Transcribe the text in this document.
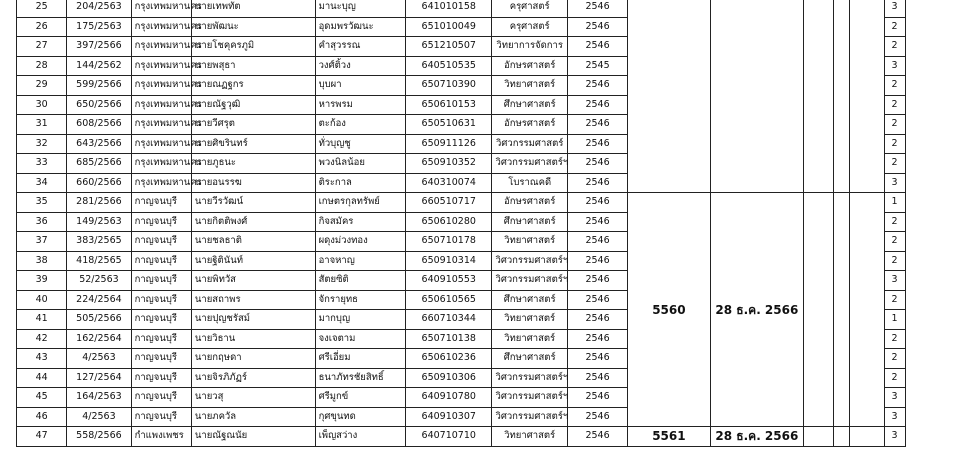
25	204/2563	กรุงเทพมหานคร	นายเทพทัต	มานะบุญ	641010158	ครุศาสตร์	2546						3
26	175/2563	กรุงเทพมหานคร	นายพัฒนะ	อุดมพรวัฒนะ	651010049	ครุศาสตร์	2546						2
27	397/2566	กรุงเทพมหานคร	นายโชคุครภูมิ	คำสุวรรณ	651210507	วิทยาการจัดการ	2546						2
28	144/2562	กรุงเทพมหานคร	นายพสุธา	วงศ์ติ้วง	640510535	อักษรศาสตร์	2545						3
29	599/2566	กรุงเทพมหานคร	นายณฏฐกร	บุบผา	650710390	วิทยาศาสตร์	2546						2
30	650/2566	กรุงเทพมหานคร	นายณัฐวุฒิ	หารพรม	650610153	ศึกษาศาสตร์	2546						2
31	608/2566	กรุงเทพมหานคร	นายวีศรุต	ตะก้อง	650510631	อักษรศาสตร์	2546						2
32	643/2566	กรุงเทพมหานคร	นายศิขรินทร์	ทั่วบุญชู	650911126	วิศวกรรมศาสตร์	2546						2
33	685/2566	กรุงเทพมหานคร	นายภูธนะ	พวงนิลน้อย	650910352	วิศวกรรมศาสตร์ฯ	2546						2
34	660/2566	กรุงเทพมหานคร	นายอนรรฆ	ติระกาล	640310074	โบราณคดี	2546						3
35	281/2566	กาญจนบุรี	นายวีรวัฒน์	เกษตรกุลทรัพย์	660510717	อักษรศาสตร์	2546	5560	28 ธ.ค. 2566				1
36	149/2563	กาญจนบุรี	นายกิตติพงศ์	กิจสมัคร	650610280	ศึกษาศาสตร์	2546						2
37	383/2565	กาญจนบุรี	นายชลธาติ	ผดุงม่วงทอง	650710178	วิทยาศาสตร์	2546						2
38	418/2565	กาญจนบุรี	นายฐิตินันท์	อาจหาญ	650910314	วิศวกรรมศาสตร์ฯ	2546						2
39	52/2563	กาญจนบุรี	นายพิทวัส	สัตยซิติ	640910553	วิศวกรรมศาสตร์ฯ	2546						3
40	224/2564	กาญจนบุรี	นายสถาพร	จักรายุทธ	650610565	ศึกษาศาสตร์	2546						2
41	505/2566	กาญจนบุรี	นายปุญชรัสม์	มากบุญ	660710344	วิทยาศาสตร์	2546						1
42	162/2564	กาญจนบุรี	นายวิธาน	จงเจตาม	650710138	วิทยาศาสตร์	2546						2
43	4/2563	กาญจนบุรี	นายกฤษดา	ศรีเอี่ยม	650610236	ศึกษาศาสตร์	2546						2
44	127/2564	กาญจนบุรี	นายจิรภิภัฏร์	ธนาภัทรชัยสิทธิ์	650910306	วิศวกรรมศาสตร์ฯ	2546						2
45	164/2563	กาญจนบุรี	นายวสุ	ศรีมูกข์	640910780	วิศวกรรมศาสตร์ฯ	2546						3
46	4/2563	กาญจนบุรี	นายภควัล	กุศขุนทด	640910307	วิศวกรรมศาสตร์ฯ	2546						3
47	558/2566	กำแพงเพชร	นายณัฐณนัย	เพ็ญสว่าง	640710710	วิทยาศาสตร์	2546	5561	28 ธ.ค. 2566				3
